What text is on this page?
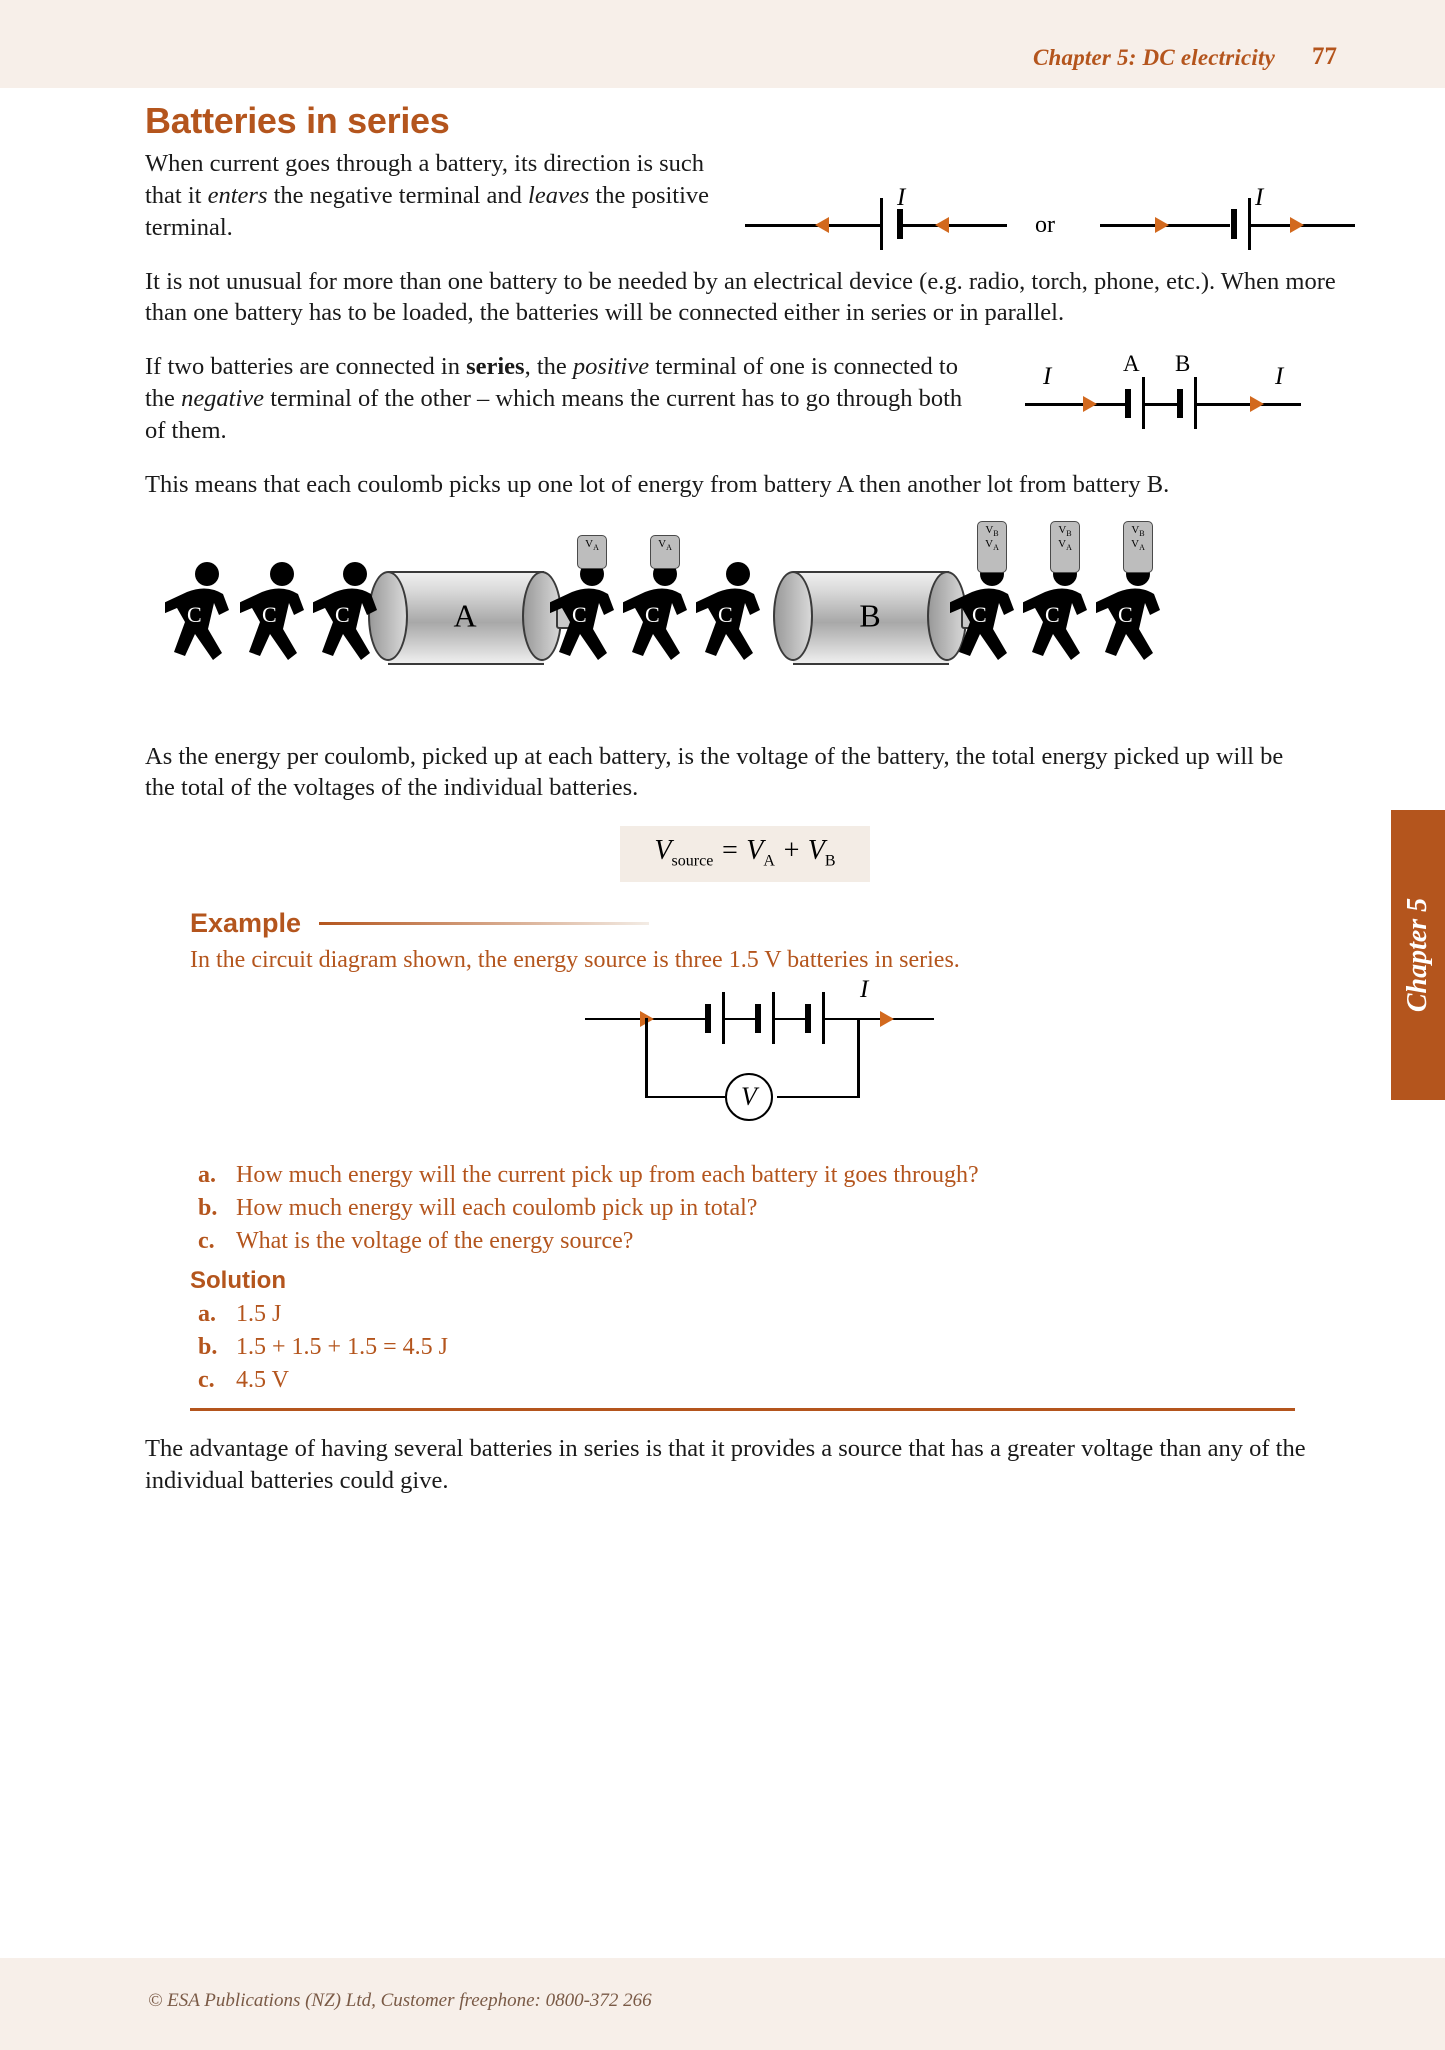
Chapter 5: DC electricity 77
Chapter 5
Batteries in series

When current goes through a battery, its direction is such that it enters the negative terminal and leaves the positive terminal.

I
or
I

It is not unusual for more than one battery to be needed by an electrical device (e.g. radio, torch, phone, etc.). When more than one battery has to be loaded, the batteries will be connected either in series or in parallel.

If two batteries are connected in series, the positive terminal of one is connected to the negative terminal of the other – which means the current has to go through both of them.

I	I
A B

This means that each coulomb picks up one lot of energy from battery A then another lot from battery B.

A	B
C	C	C	C	C	C
$V_A$	$V_A$
C	C	C
$V_B$
$V_A$
$V_B$
$V_A$
$V_B$
$V_A$

As the energy per coulomb, picked up at each battery, is the voltage of the battery, the total energy picked up will be the total of the voltages of the individual batteries.

$V_{source} = V_A + V_B$
Example
In the circuit diagram shown, the energy source is three 1.5 V batteries in series.
I
V
a. How much energy will the current pick up from each battery it goes through?
b. How much energy will each coulomb pick up in total?
c. What is the voltage of the energy source?
Solution
a. 1.5 J
b. 1.5 + 1.5 + 1.5 = 4.5 J
c. 4.5 V

The advantage of having several batteries in series is that it provides a source that has a greater voltage than any of the individual batteries could give.

© ESA Publications (NZ) Ltd, Customer freephone: 0800-372 266
